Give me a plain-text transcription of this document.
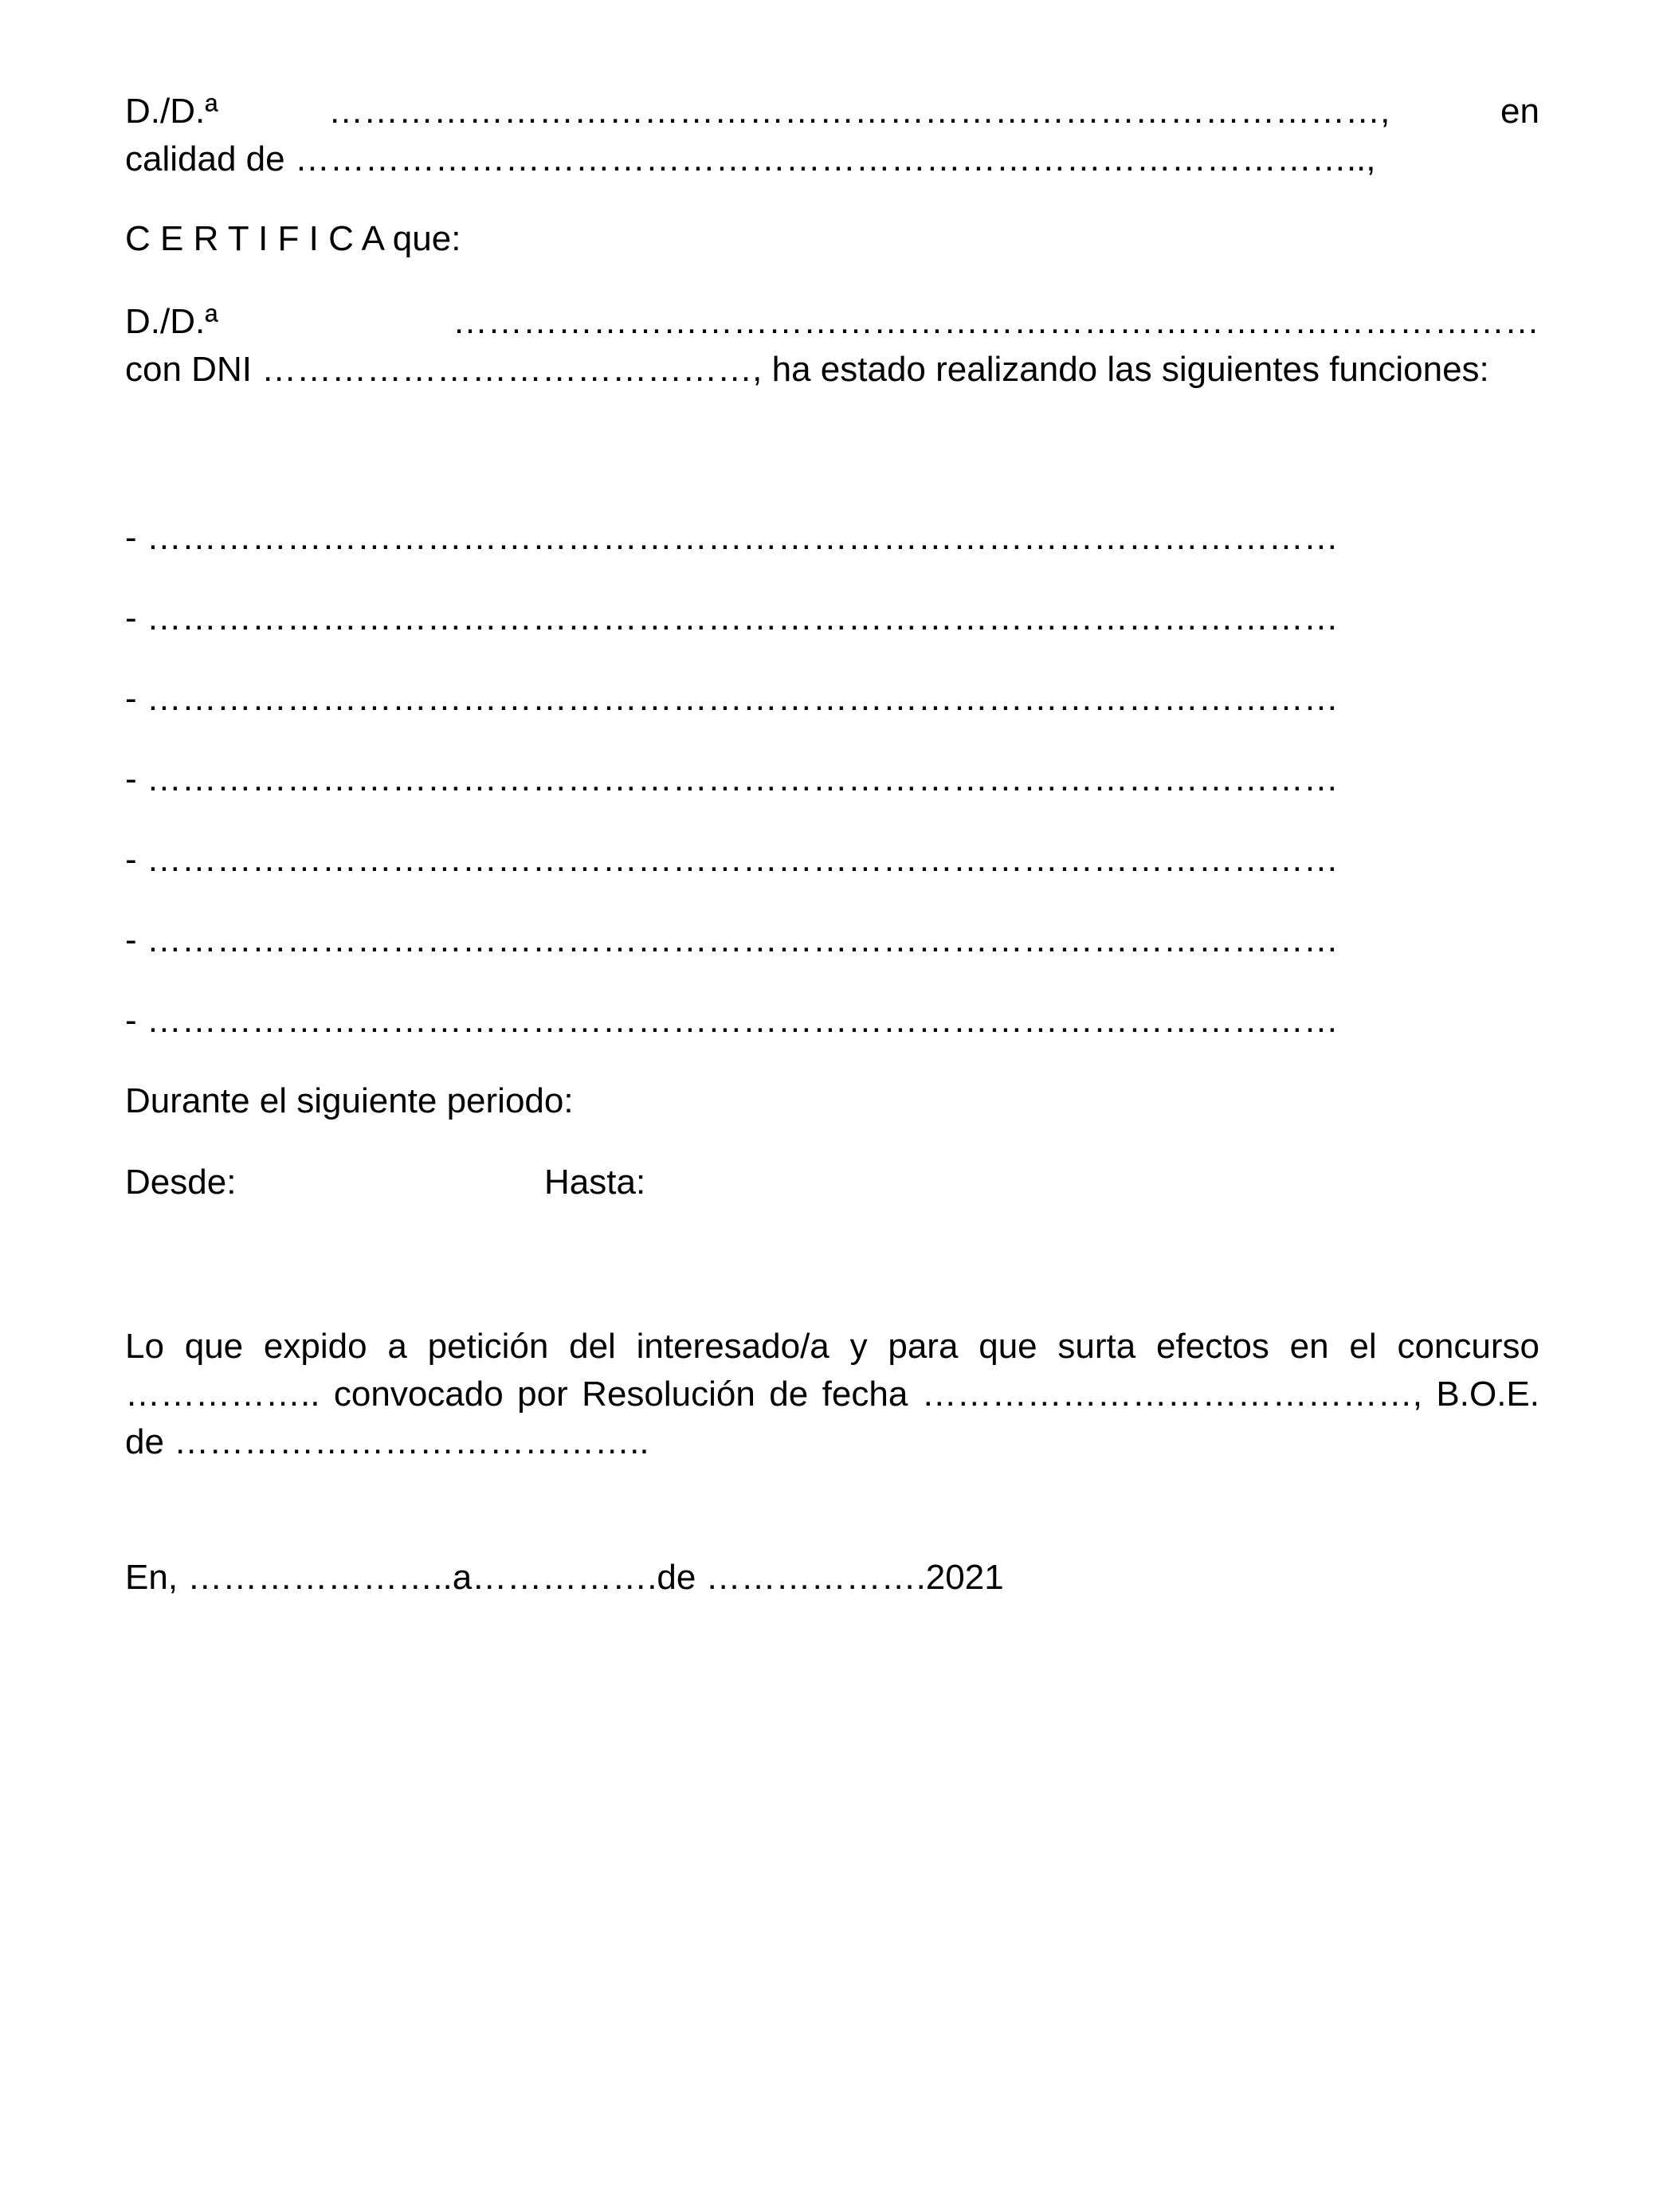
D./D.ª	………………………………………………………………………………,	en
calidad de ………………………………………………………………………………..,
C E R T I F I C A que:
D./D.ª	…………………………………………………………………………………
con DNI ……………………………………, ha estado realizando las siguientes funciones:
- …………………………………………………………………………………………
- …………………………………………………………………………………………
- …………………………………………………………………………………………
- …………………………………………………………………………………………
- …………………………………………………………………………………………
- …………………………………………………………………………………………
- …………………………………………………………………………………………
Durante el siguiente periodo:
Desde:	Hasta:
Lo que expido a petición del interesado/a y para que surta efectos en el concurso
…………….. convocado por Resolución de fecha ……………………………………, B.O.E.
de …………………………………..
En, …………………..a…………….de ……………….2021
